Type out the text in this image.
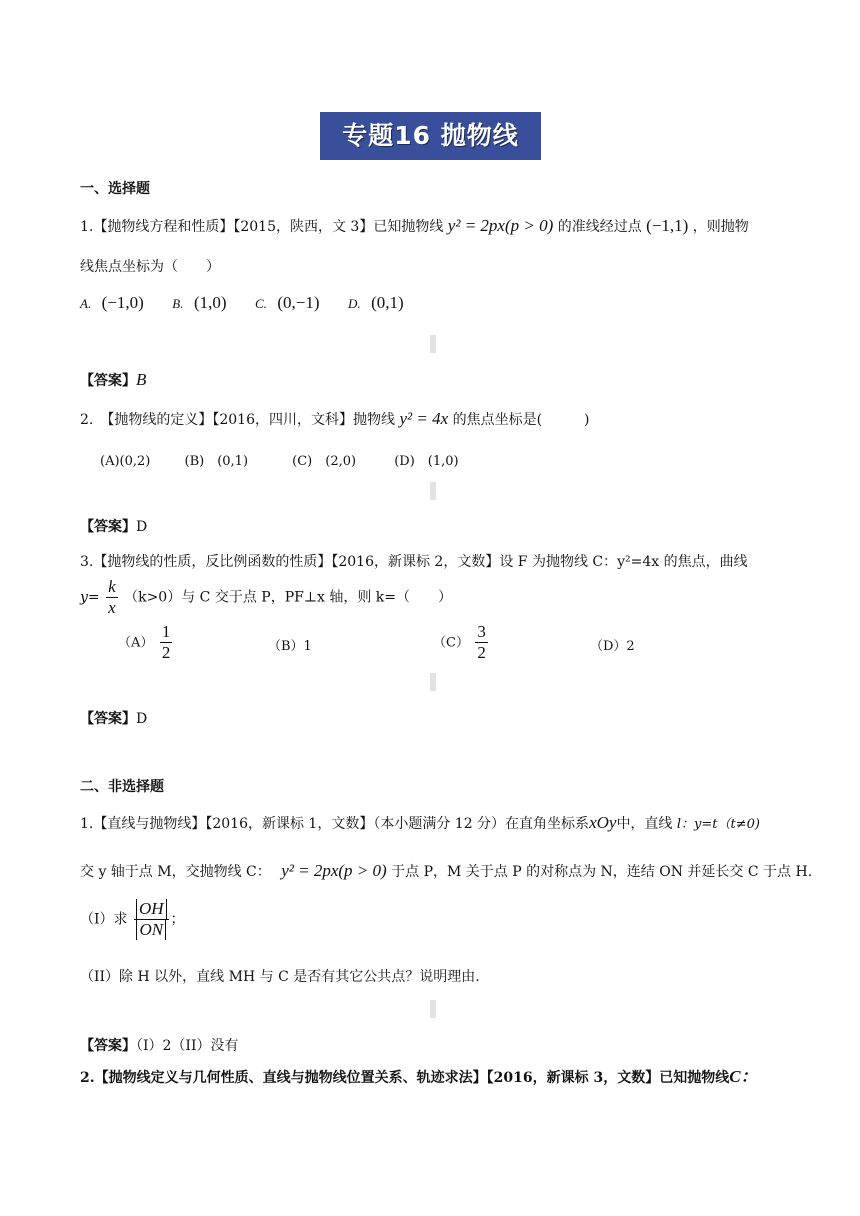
专题16 抛物线
一、选择题
1.【抛物线方程和性质】【2015，陕西，文 3】已知抛物线 y² = 2px(p > 0) 的准线经过点 (−1,1) ，则抛物
线焦点坐标为（　　）
A. (−1,0) B. (1,0) C. (0,−1) D. (0,1)
【答案】B
2.　【抛物线的定义】【2016，四川，文科】抛物线 y² = 4x 的焦点坐标是(　　　)
(A)(0,2)	(B)　(0,1)	(C)　(2,0)	(D)　(1,0)
【答案】D
3.【抛物线的性质，反比例函数的性质】【2016，新课标 2，文数】设 F 为抛物线 C：y²=4x 的焦点，曲线
$y= \frac{k}{x} (k>0)$与 C 交于点 P，PF⊥x 轴，则 k=（　　）
$(A) \frac{1}{2}$	（B）1	$(C) \frac{3}{2}$	（D）2
【答案】D
二、非选择题
1.【直线与抛物线】【2016，新课标 1，文数】（本小题满分 12 分）在直角坐标系xOy中，直线 l：y=t（t≠0)
交 y 轴于点 M，交抛物线 C： y² = 2px(p > 0) 于点 P，M 关于点 P 的对称点为 N，连结 ON 并延长交 C 于点 H.
（I）求 $\frac{OH}{ON}$ ；
（II）除 H 以外，直线 MH 与 C 是否有其它公共点？说明理由.
【答案】（I）2（II）没有
2.【抛物线定义与几何性质、直线与抛物线位置关系、轨迹求法】【2016，新课标 3，文数】已知抛物线C：
